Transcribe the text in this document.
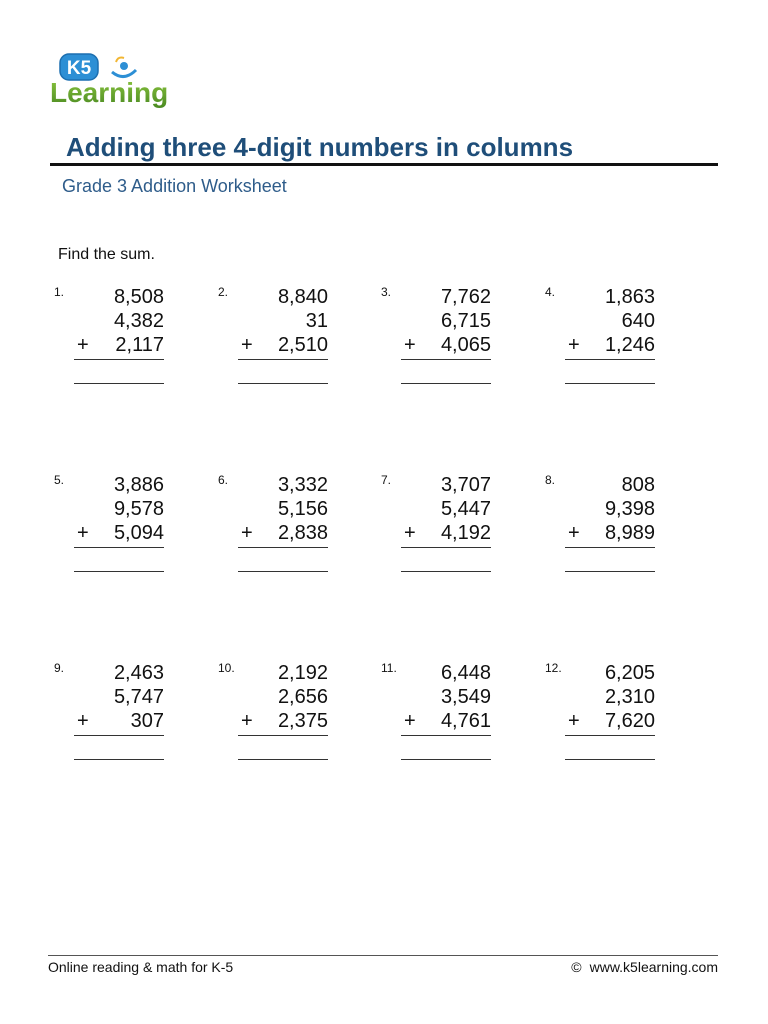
K5
Learning
Adding three 4-digit numbers in columns
Grade 3 Addition Worksheet
Find the sum.
1. 8,508
4,382
2,117
+
2. 8,840
31
2,510
+
3. 7,762
6,715
4,065
+
4. 1,863
640
1,246
+
5. 3,886
9,578
5,094
+
6. 3,332
5,156
2,838
+
7. 3,707
5,447
4,192
+
8.	808
9,398
8,989
+
9. 2,463
5,747
307
+
10. 2,192
2,656
2,375
+
11. 6,448
3,549
4,761
+
12. 6,205
2,310
7,620
+
Online reading & math for K-5	© www.k5learning.com
